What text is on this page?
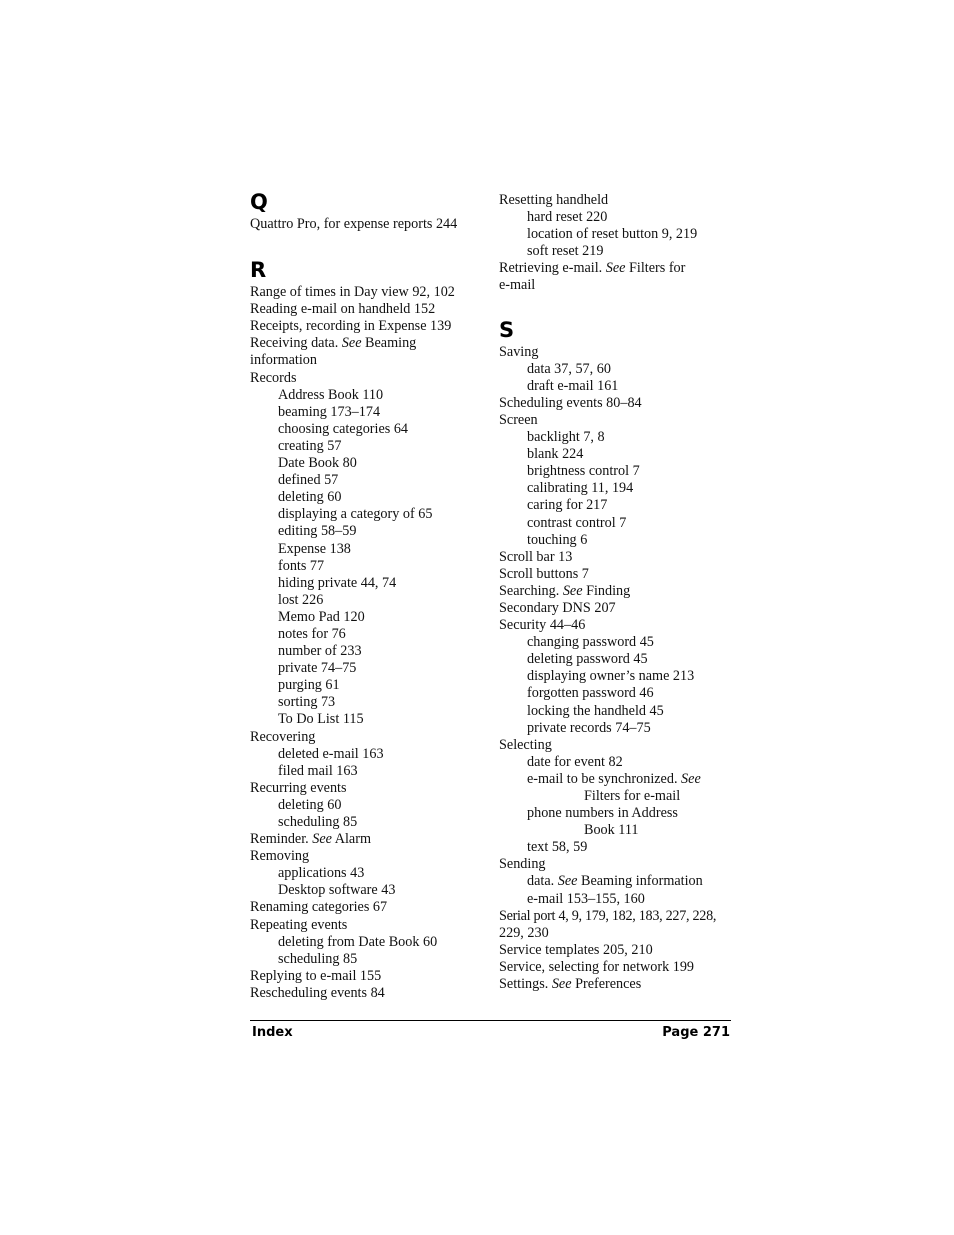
Q
Quattro Pro, for expense reports 244
R
Range of times in Day view 92, 102
Reading e-mail on handheld 152
Receipts, recording in Expense 139
Receiving data. See Beaming
information
Records
Address Book 110
beaming 173–174
choosing categories 64
creating 57
Date Book 80
defined 57
deleting 60
displaying a category of 65
editing 58–59
Expense 138
fonts 77
hiding private 44, 74
lost 226
Memo Pad 120
notes for 76
number of 233
private 74–75
purging 61
sorting 73
To Do List 115
Recovering
deleted e-mail 163
filed mail 163
Recurring events
deleting 60
scheduling 85
Reminder. See Alarm
Removing
applications 43
Desktop software 43
Renaming categories 67
Repeating events
deleting from Date Book 60
scheduling 85
Replying to e-mail 155
Rescheduling events 84
Resetting handheld
hard reset 220
location of reset button 9, 219
soft reset 219
Retrieving e-mail. See Filters for
e-mail
S
Saving
data 37, 57, 60
draft e-mail 161
Scheduling events 80–84
Screen
backlight 7, 8
blank 224
brightness control 7
calibrating 11, 194
caring for 217
contrast control 7
touching 6
Scroll bar 13
Scroll buttons 7
Searching. See Finding
Secondary DNS 207
Security 44–46
changing password 45
deleting password 45
displaying owner’s name 213
forgotten password 46
locking the handheld 45
private records 74–75
Selecting
date for event 82
e-mail to be synchronized. See
Filters for e-mail
phone numbers in Address
Book 111
text 58, 59
Sending
data. See Beaming information
e-mail 153–155, 160
Serial port 4, 9, 179, 182, 183, 227, 228,
229, 230
Service templates 205, 210
Service, selecting for network 199
Settings. See Preferences
Index	Page 271
